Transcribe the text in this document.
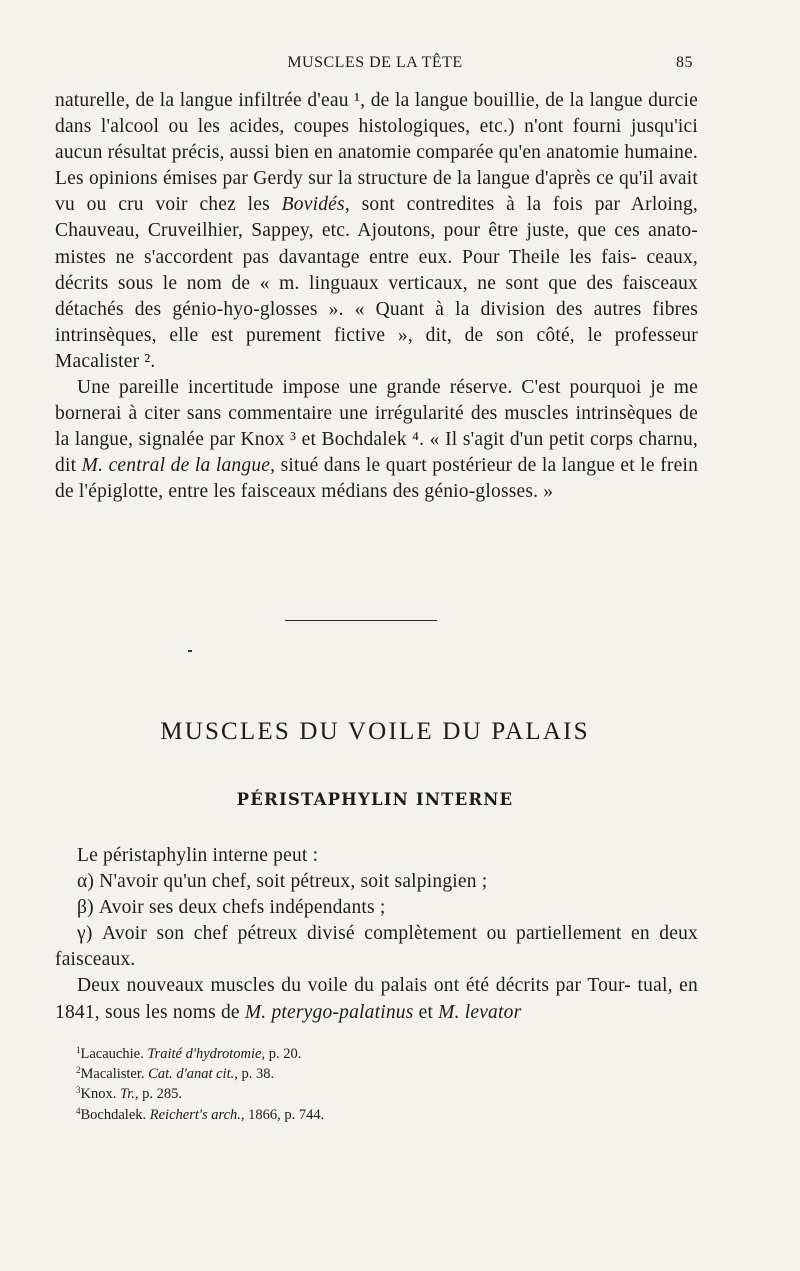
MUSCLES DE LA TÊTE	85

naturelle, de la langue infiltrée d'eau ¹, de la langue bouillie, de la langue durcie dans l'alcool ou les acides, coupes histologiques, etc.) n'ont fourni jusqu'ici aucun résultat précis, aussi bien en anatomie comparée qu'en anatomie humaine. Les opinions émises par Gerdy sur la structure de la langue d'après ce qu'il avait vu ou cru voir chez les Bovidés, sont contredites à la fois par Arloing, Chauveau, Cruveilhier, Sappey, etc. Ajoutons, pour être juste, que ces anato- mistes ne s'accordent pas davantage entre eux. Pour Theile les fais- ceaux, décrits sous le nom de « m. linguaux verticaux, ne sont que des faisceaux détachés des génio-hyo-glosses ». « Quant à la division des autres fibres intrinsèques, elle est purement fictive », dit, de son côté, le professeur Macalister ².

Une pareille incertitude impose une grande réserve. C'est pourquoi je me bornerai à citer sans commentaire une irrégularité des muscles intrinsèques de la langue, signalée par Knox ³ et Bochdalek ⁴. « Il s'agit d'un petit corps charnu, dit M. central de la langue, situé dans le quart postérieur de la langue et le frein de l'épiglotte, entre les faisceaux médians des génio-glosses. »

MUSCLES DU VOILE DU PALAIS
PÉRISTAPHYLIN INTERNE

Le péristaphylin interne peut :

α) N'avoir qu'un chef, soit pétreux, soit salpingien ;

β) Avoir ses deux chefs indépendants ;

γ) Avoir son chef pétreux divisé complètement ou partiellement en deux faisceaux.

Deux nouveaux muscles du voile du palais ont été décrits par Tour- tual, en 1841, sous les noms de M. pterygo-palatinus et M. levator

$^1$Lacauchie. Traité d'hydrotomie, p. 20.

$^2$Macalister. Cat. d'anat cit., p. 38.

$^3$Knox. Tr., p. 285.

$^4$Bochdalek. Reichert's arch., 1866, p. 744.
